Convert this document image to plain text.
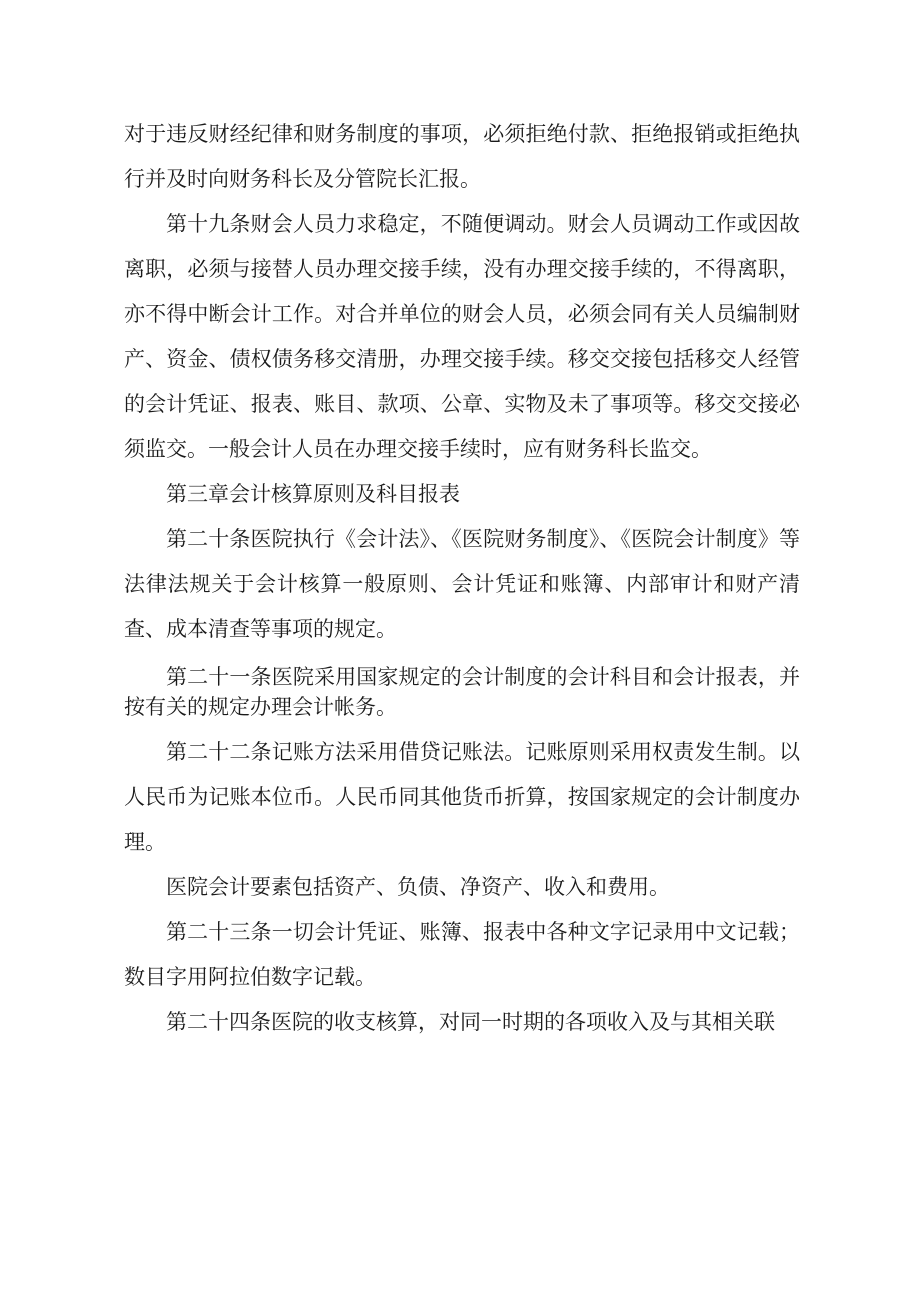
对于违反财经纪律和财务制度的事项，必须拒绝付款、拒绝报销或拒绝执行并及时向财务科长及分管院长汇报。

第十九条财会人员力求稳定，不随便调动。财会人员调动工作或因故离职，必须与接替人员办理交接手续，没有办理交接手续的，不得离职，亦不得中断会计工作。对合并单位的财会人员，必须会同有关人员编制财产、资金、债权债务移交清册，办理交接手续。移交交接包括移交人经管的会计凭证、报表、账目、款项、公章、实物及未了事项等。移交交接必须监交。一般会计人员在办理交接手续时，应有财务科长监交。

第三章会计核算原则及科目报表

第二十条医院执行《会计法》、《医院财务制度》、《医院会计制度》等法律法规关于会计核算一般原则、会计凭证和账簿、内部审计和财产清查、成本清查等事项的规定。

第二十一条医院采用国家规定的会计制度的会计科目和会计报表，并按有关的规定办理会计帐务。

第二十二条记账方法采用借贷记账法。记账原则采用权责发生制。以人民币为记账本位币。人民币同其他货币折算，按国家规定的会计制度办理。

医院会计要素包括资产、负债、净资产、收入和费用。

第二十三条一切会计凭证、账簿、报表中各种文字记录用中文记载；数目字用阿拉伯数字记载。

第二十四条医院的收支核算，对同一时期的各项收入及与其相关联
